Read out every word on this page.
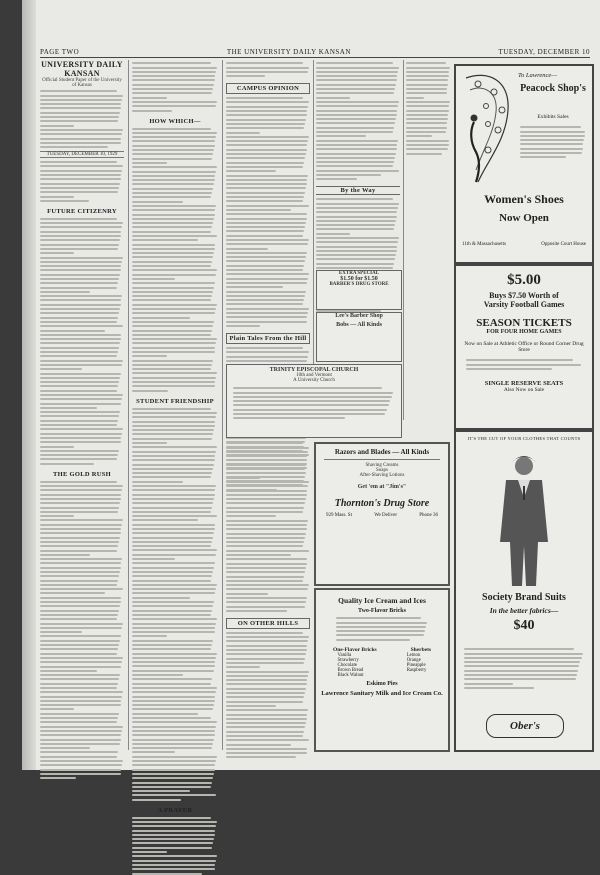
PAGE TWO	THE UNIVERSITY DAILY KANSAN	TUESDAY, DECEMBER 10
UNIVERSITY DAILY KANSAN
Official Student Paper of the University of Kansas
TUESDAY, DECEMBER 10, 1929
FUTURE CITIZENRY
THE GOLD RUSH
HOW WHICH—
STUDENT FRIENDSHIP
A PRAYER
CAMPUS OPINION
Plain Tales From the Hill
By the Way
EXTRA SPECIAL
$1.50 for $1.50
BARBER'S DRUG STORE
Lee's Barber Shop
Bobs — All Kinds
TRINITY EPISCOPAL CHURCH
10th and Vermont
A University Church
ON OTHER HILLS
Razors and Blades — All Kinds
Shaving Creams
Soaps
After-Shaving Lotions
Get 'em at "Jim's"
Thornton's Drug Store
929 Mass. St	We Deliver	Phone 36
Quality Ice Cream and Ices
Two-Flavor Bricks
One-Flavor Bricks	Sherbets
Vanilla
Strawberry
Chocolate
Brown Bread
Black Walnut
Lemon
Orange
Pineapple
Raspberry
Eskimo Pies
Lawrence Sanitary Milk and Ice Cream Co.
To Lawrence—
Peacock Shop's
Exhibits Sales
Women's Shoes
Now Open
11th & Massachusetts	Opposite Court House
$5.00
Buys $7.50 Worth of
Varsity Football Games
SEASON TICKETS
FOR FOUR HOME GAMES
Now on Sale at Athletic Office or Round Corner Drug Store
SINGLE RESERVE SEATS
Also Now on Sale
IT'S THE CUT OF YOUR CLOTHES THAT COUNTS
Society Brand Suits
In the better fabrics—
$40
Ober's
